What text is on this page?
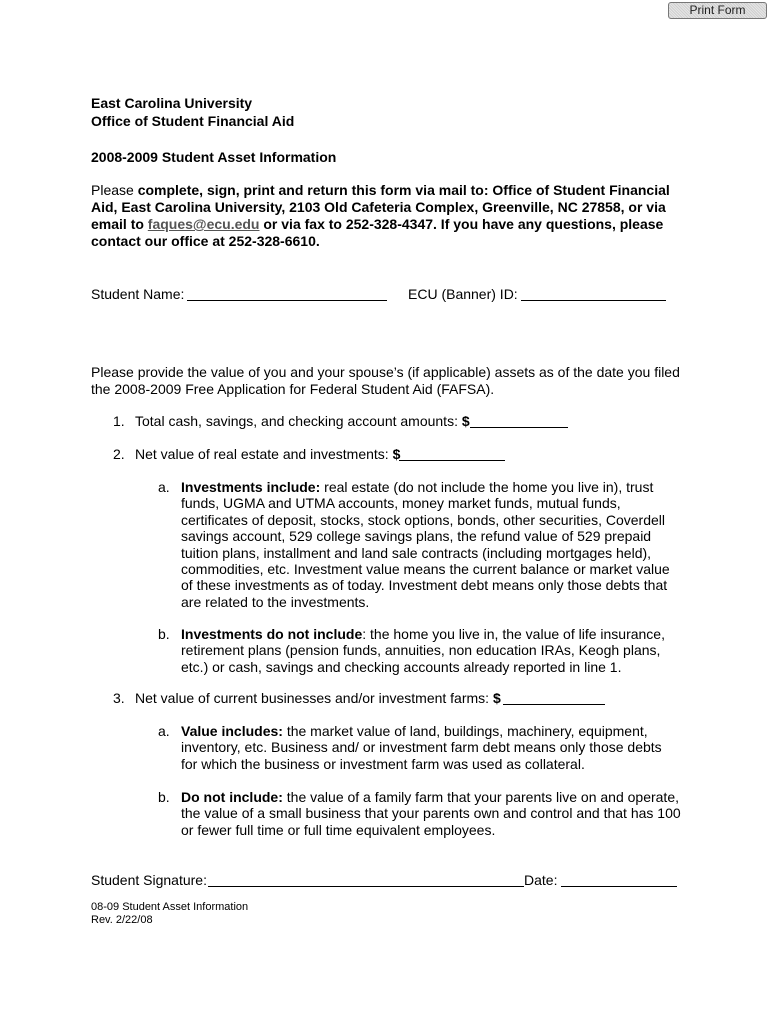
Print Form
East Carolina University
Office of Student Financial Aid
2008-2009 Student Asset Information
Please complete, sign, print and return this form via mail to: Office of Student Financial Aid, East Carolina University, 2103 Old Cafeteria Complex, Greenville, NC 27858, or via email to faques@ecu.edu or via fax to 252-328-4347. If you have any questions, please contact our office at 252-328-6610.
Student Name:	ECU (Banner) ID:
Please provide the value of you and your spouse’s (if applicable) assets as of the date you filed the 2008-2009 Free Application for Federal Student Aid (FAFSA).
1. Total cash, savings, and checking account amounts: $
2. Net value of real estate and investments: $
a. Investments include: real estate (do not include the home you live in), trust funds, UGMA and UTMA accounts, money market funds, mutual funds, certificates of deposit, stocks, stock options, bonds, other securities, Coverdell savings account, 529 college savings plans, the refund value of 529 prepaid tuition plans, installment and land sale contracts (including mortgages held), commodities, etc. Investment value means the current balance or market value of these investments as of today. Investment debt means only those debts that are related to the investments.
b. Investments do not include: the home you live in, the value of life insurance, retirement plans (pension funds, annuities, non education IRAs, Keogh plans, etc.) or cash, savings and checking accounts already reported in line 1.
3. Net value of current businesses and/or investment farms: $
a. Value includes: the market value of land, buildings, machinery, equipment, inventory, etc. Business and/ or investment farm debt means only those debts for which the business or investment farm was used as collateral.
b. Do not include: the value of a family farm that your parents live on and operate, the value of a small business that your parents own and control and that has 100 or fewer full time or full time equivalent employees.
Student Signature:	Date:
08-09 Student Asset Information
Rev. 2/22/08
